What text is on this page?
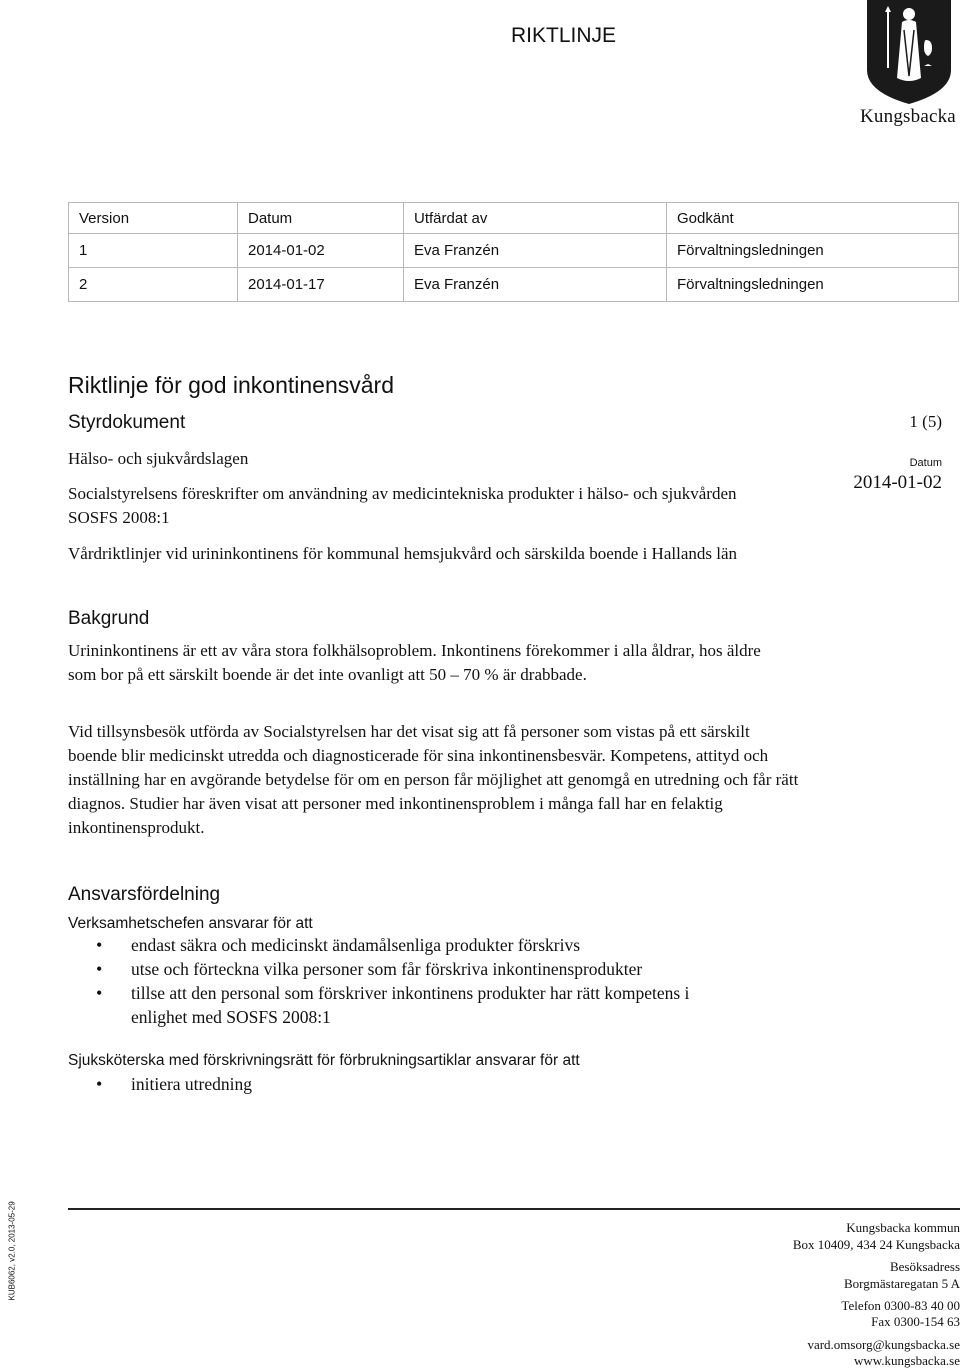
RIKTLINJE
Kungsbacka
Version	Datum	Utfärdat av	Godkänt
1	2014-01-02	Eva Franzén	Förvaltningsledningen
2	2014-01-17	Eva Franzén	Förvaltningsledningen
Riktlinje för god inkontinensvård
Styrdokument
Hälso- och sjukvårdslagen
Socialstyrelsens föreskrifter om användning av medicintekniska produkter i hälso- och sjukvården SOSFS 2008:1
Vårdriktlinjer vid urininkontinens för kommunal hemsjukvård och särskilda boende i Hallands län
1 (5)
Datum
2014-01-02
Bakgrund

Urininkontinens är ett av våra stora folkhälsoproblem. Inkontinens förekommer i alla åldrar, hos äldre som bor på ett särskilt boende är det inte ovanligt att 50 – 70 % är drabbade.

Vid tillsynsbesök utförda av Socialstyrelsen har det visat sig att få personer som vistas på ett särskilt boende blir medicinskt utredda och diagnosticerade för sina inkontinensbesvär. Kompetens, attityd och inställning har en avgörande betydelse för om en person får möjlighet att genomgå en utredning och får rätt diagnos. Studier har även visat att personer med inkontinensproblem i många fall har en felaktig inkontinensprodukt.

Ansvarsfördelning
Verksamhetschefen ansvarar för att
• endast säkra och medicinskt ändamålsenliga produkter förskrivs
• utse och förteckna vilka personer som får förskriva inkontinensprodukter
• tillse att den personal som förskriver inkontinens produkter har rätt kompetens i enlighet med SOSFS 2008:1
Sjuksköterska med förskrivningsrätt för förbrukningsartiklar ansvarar för att
• initiera utredning
KUB6062, v2.0, 2013-05-29	Kungsbacka kommun
Box 10409, 434 24 Kungsbacka
Besöksadress
Borgmästaregatan 5 A
Telefon 0300-83 40 00
Fax 0300-154 63
vard.omsorg@kungsbacka.se
www.kungsbacka.se
